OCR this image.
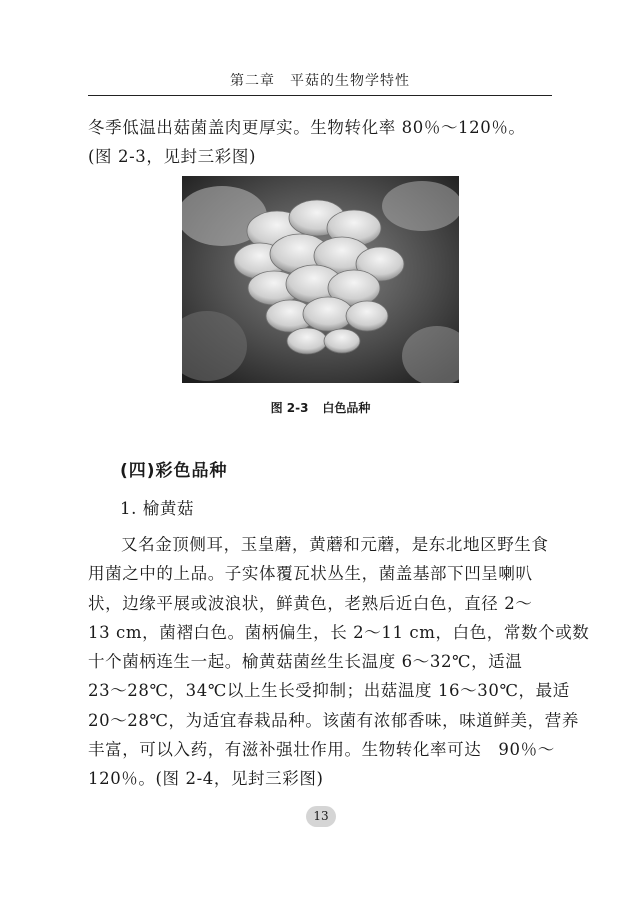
第二章　平菇的生物学特性

冬季低温出菇菌盖肉更厚实。生物转化率 80％～120％。
(图 2-3，见封三彩图)

图 2-3 白色品种
(四)彩色品种
1. 榆黄菇

又名金顶侧耳，玉皇蘑，黄蘑和元蘑，是东北地区野生食
用菌之中的上品。子实体覆瓦状丛生，菌盖基部下凹呈喇叭
状，边缘平展或波浪状，鲜黄色，老熟后近白色，直径 2～
13 cm，菌褶白色。菌柄偏生，长 2～11 cm，白色，常数个或数
十个菌柄连生一起。榆黄菇菌丝生长温度 6～32℃，适温
23～28℃，34℃以上生长受抑制；出菇温度 16～30℃，最适
20～28℃，为适宜春栽品种。该菌有浓郁香味，味道鲜美，营养
丰富，可以入药，有滋补强壮作用。生物转化率可达　90％～
120％。(图 2-4，见封三彩图)

13
